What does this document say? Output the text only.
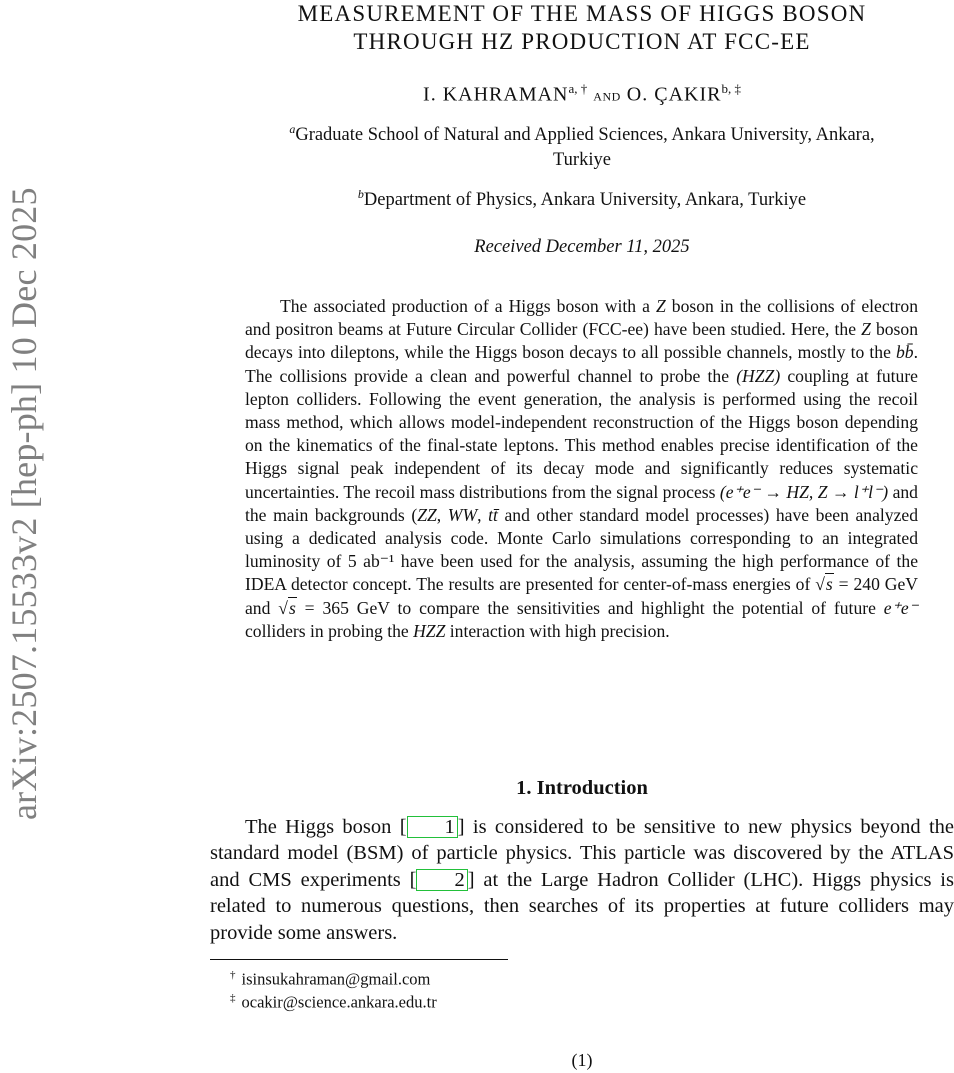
arXiv:2507.15533v2 [hep-ph] 10 Dec 2025
MEASUREMENT OF THE MASS OF HIGGS BOSON
THROUGH HZ PRODUCTION AT FCC-EE
I. $KAHRAMAN^{a, \dagger}$ and O. $ÇAKIR^{b, \ddagger}$
$^a$Graduate School of Natural and Applied Sciences, Ankara University, Ankara,
Turkiye
$^b$Department of Physics, Ankara University, Ankara, Turkiye
Received December 11, 2025

The associated production of a Higgs boson with a Z boson in the collisions of electron and positron beams at Future Circular Collider (FCC-ee) have been studied. Here, the Z boson decays into dileptons, while the Higgs boson decays to all possible channels, mostly to the bb̄. The collisions provide a clean and powerful channel to probe the (HZZ) coupling at future lepton colliders. Following the event generation, the analysis is performed using the recoil mass method, which allows model-independent reconstruction of the Higgs boson depending on the kinematics of the final-state leptons. This method enables precise identification of the Higgs signal peak independent of its decay mode and significantly reduces systematic uncertainties. The recoil mass distributions from the signal process (e⁺e⁻ → HZ, Z → l⁺l⁻) and the main backgrounds (ZZ, WW, tt̄ and other standard model processes) have been analyzed using a dedicated analysis code. Monte Carlo simulations corresponding to an integrated luminosity of 5 ab⁻¹ have been used for the analysis, assuming the high performance of the IDEA detector concept. The results are presented for center-of-mass energies of √s = 240 GeV and √s = 365 GeV to compare the sensitivities and highlight the potential of future e⁺e⁻ colliders in probing the HZZ interaction with high precision.

1. Introduction

The Higgs boson [ 1 ] is considered to be sensitive to new physics beyond the standard model (BSM) of particle physics. This particle was discovered by the ATLAS and CMS experiments [ 2 ] at the Large Hadron Collider (LHC). Higgs physics is related to numerous questions, then searches of its properties at future colliders may provide some answers.

† isinsukahraman@gmail.com
‡ ocakir@science.ankara.edu.tr
(1)
